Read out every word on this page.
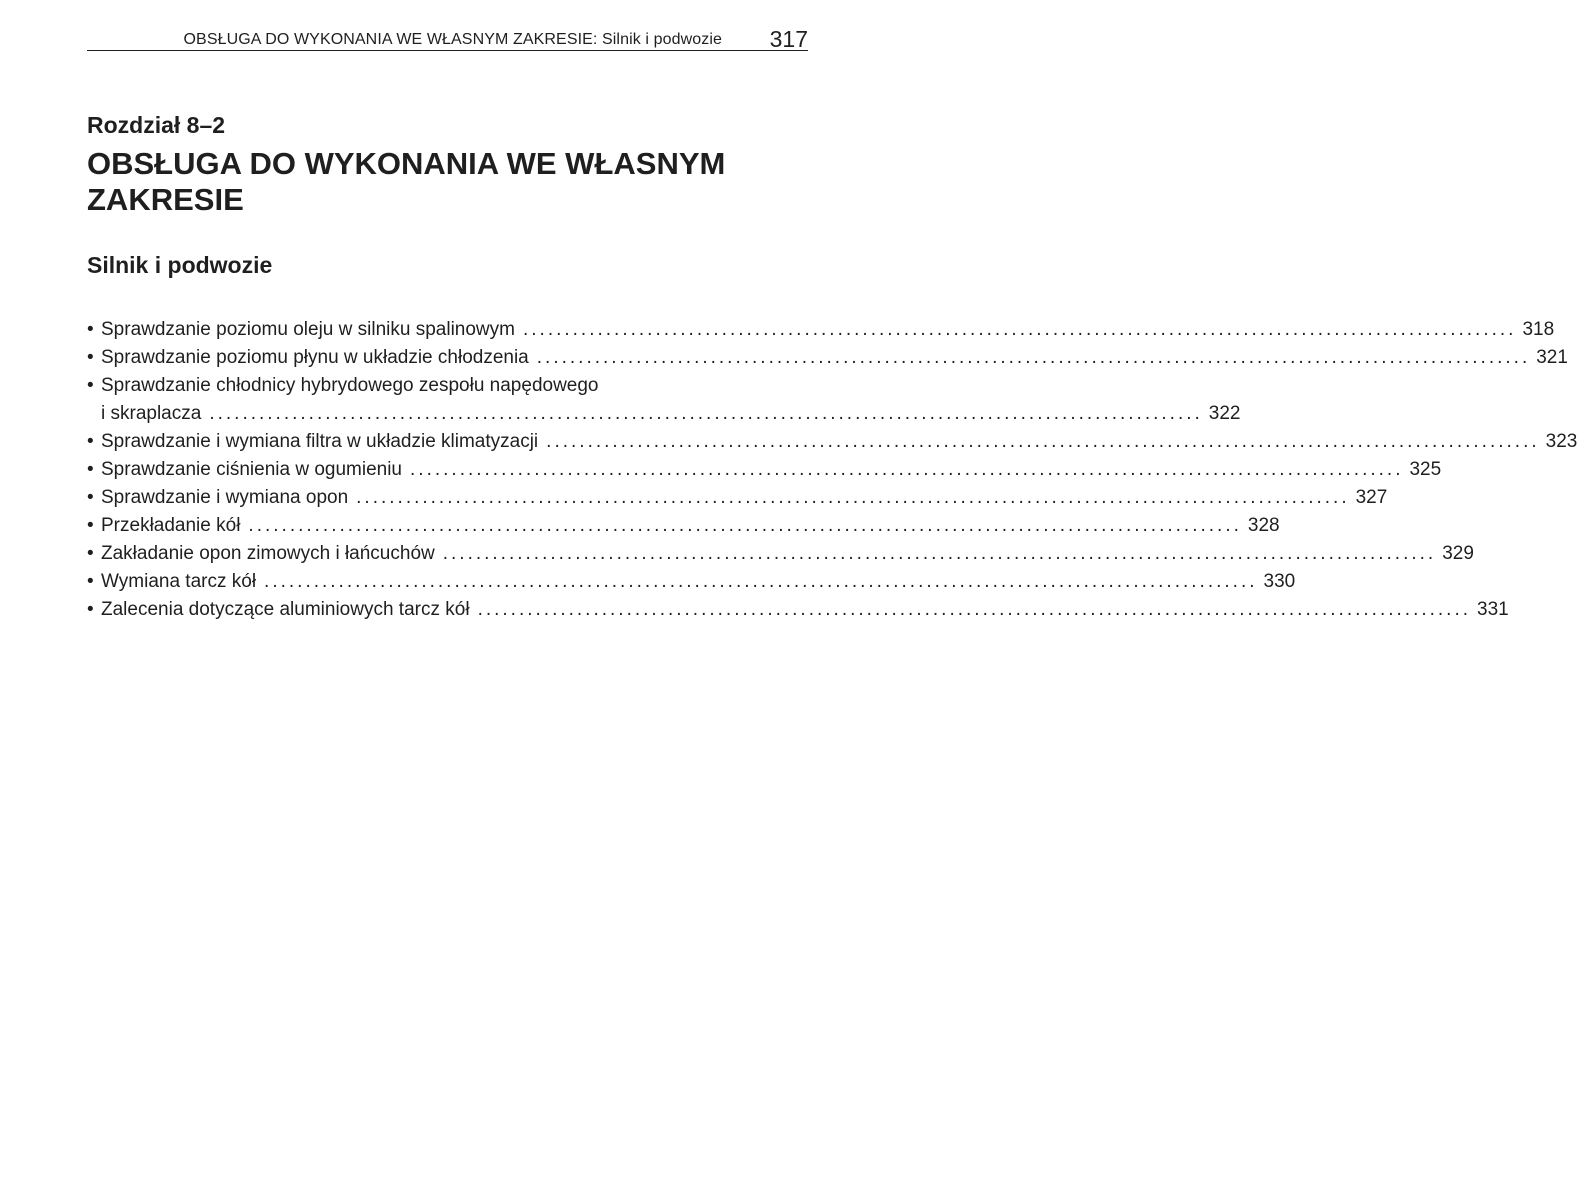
OBSŁUGA DO WYKONANIA WE WŁASNYM ZAKRESIE: Silnik i podwozie 317
Rozdział 8–2
OBSŁUGA DO WYKONANIA WE WŁASNYM ZAKRESIE
Silnik i podwozie
• Sprawdzanie poziomu oleju w silniku spalinowym ........................................................................................................................ 318
• Sprawdzanie poziomu płynu w układzie chłodzenia ........................................................................................................................ 321
• Sprawdzanie chłodnicy hybrydowego zespołu napędowego
i skraplacza ........................................................................................................................ 322
• Sprawdzanie i wymiana filtra w układzie klimatyzacji ........................................................................................................................ 323
• Sprawdzanie ciśnienia w ogumieniu ........................................................................................................................ 325
• Sprawdzanie i wymiana opon ........................................................................................................................ 327
• Przekładanie kół ........................................................................................................................ 328
• Zakładanie opon zimowych i łańcuchów ........................................................................................................................ 329
• Wymiana tarcz kół ........................................................................................................................ 330
• Zalecenia dotyczące aluminiowych tarcz kół ........................................................................................................................ 331
